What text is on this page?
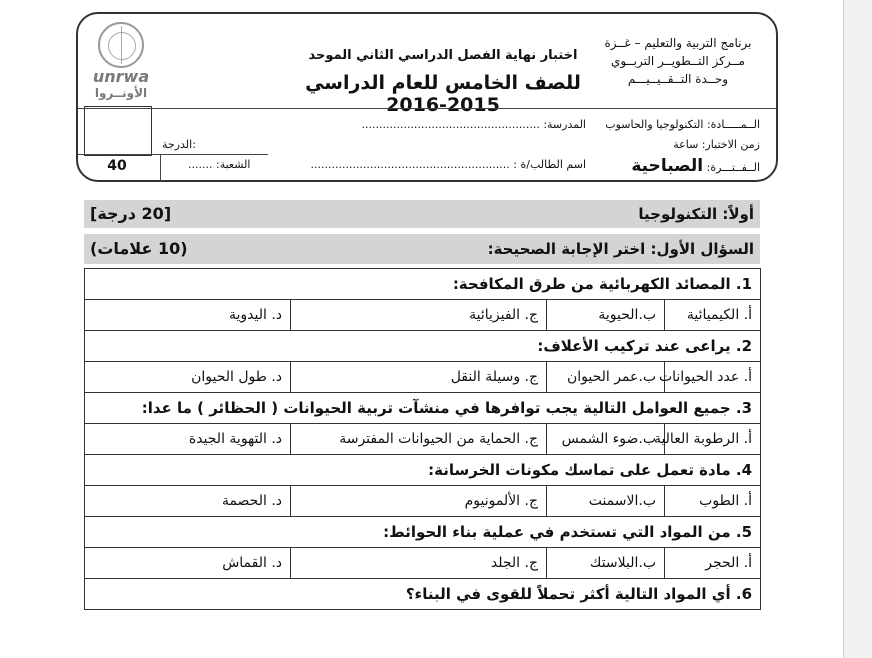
برنامج التربية والتعليم – غــزة
مــركز التــطويــر التربــوي
وحــدة التــقــيــيـــم
اختبار نهاية الفصل الدراسي الثاني الموحد
للصف الخامس للعام الدراسي 2015-2016
unrwa
الأونــروا
الــمـــــادة: التكنولوجيا والحاسوب
المدرسة: ...................................................
زمن الاختبار: ساعة
الــفــتـــرة: الصباحية
اسم الطالب/ة : .........................................................
الشعبة: .......
الدرجة:
40
أولاً: التكنولوجيا
[20 درجة]
السؤال الأول: اختر الإجابة الصحيحة:
(10 علامات)
1. المصائد الكهربائية من طرق المكافحة:			
أ. الكيميائية	ب.الحيوية	ج. الفيزيائية	د. اليدوية
2. يراعى عند تركيب الأعلاف:			
أ. عدد الحيوانات	ب.عمر الحيوان	ج. وسيلة النقل	د. طول الحيوان
3. جميع العوامل التالية يجب توافرها في منشآت تربية الحيوانات ( الحظائر ) ما عدا:			
أ. الرطوبة العالية	ب.ضوء الشمس	ج. الحماية من الحيوانات المفترسة	د. التهوية الجيدة
4. مادة تعمل على تماسك مكونات الخرسانة:			
أ. الطوب	ب.الاسمنت	ج. الألمونيوم	د. الحصمة
5. من المواد التي تستخدم في عملية بناء الحوائط:			
أ. الحجر	ب.البلاستك	ج. الجلد	د. القماش
6. أي المواد التالية أكثر تحملاً للقوى في البناء؟			
